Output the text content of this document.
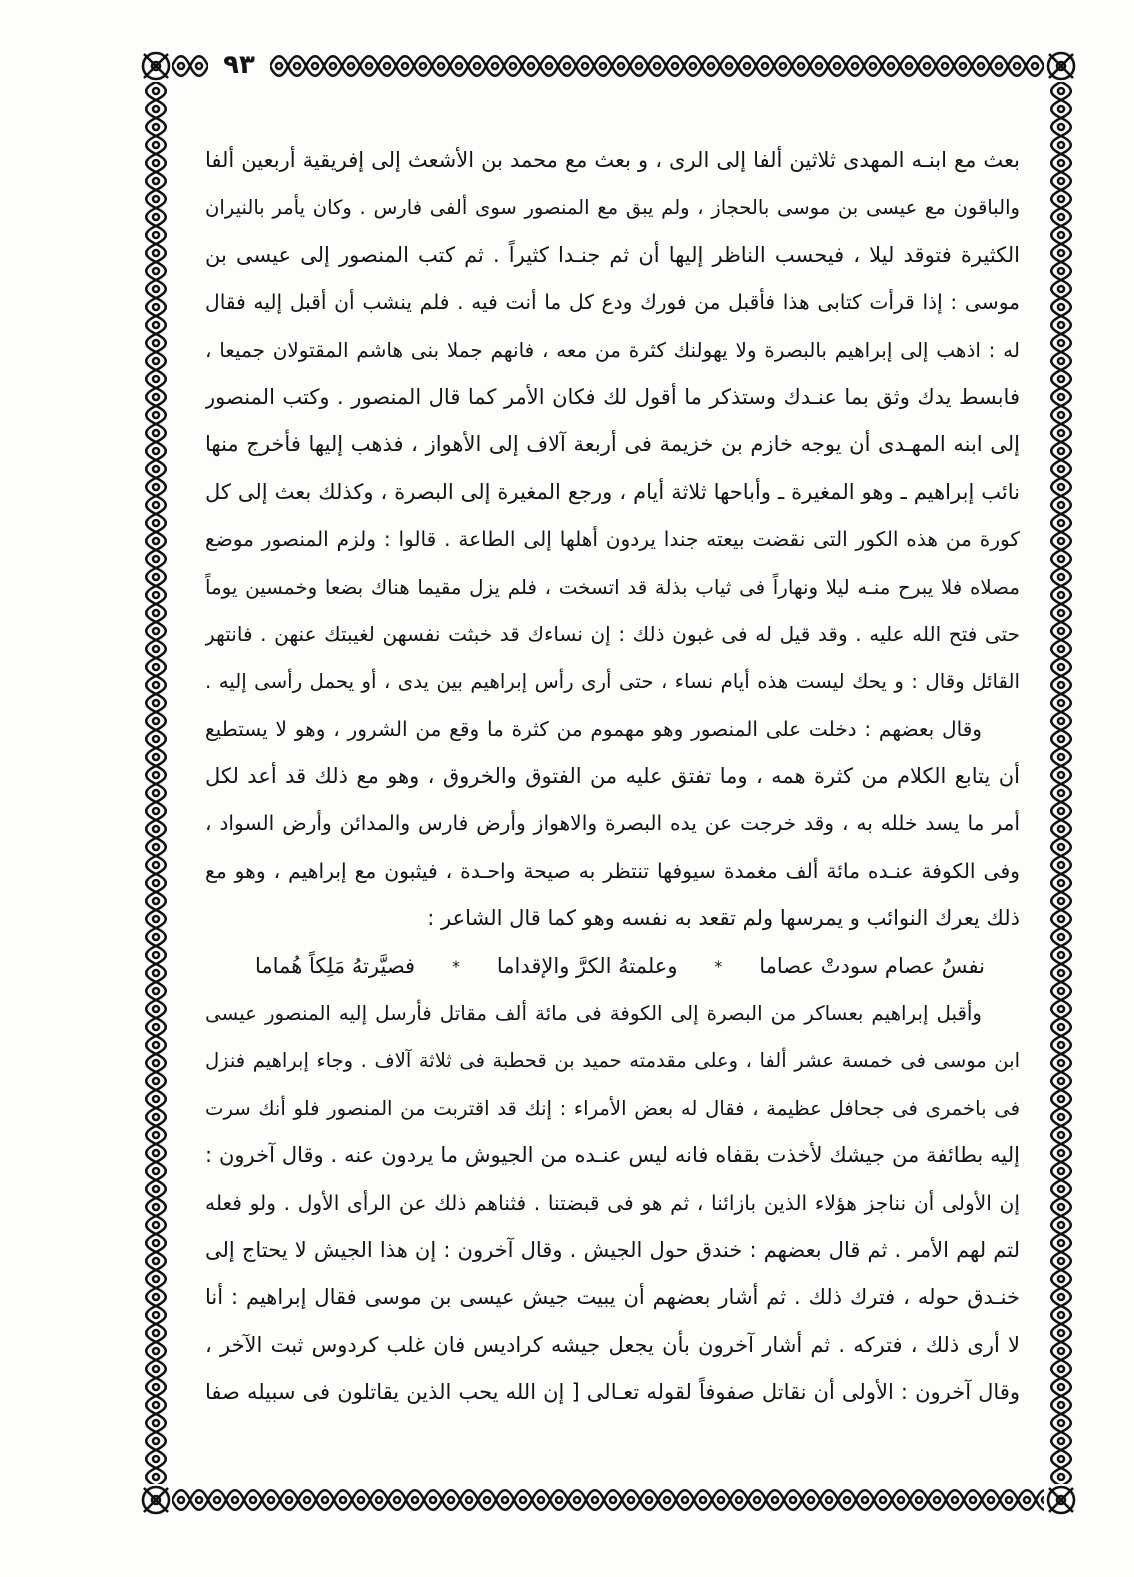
٩٣
بعث مع ابنـه المهدى ثلاثين ألفا إلى الرى ، و بعث مع محمد بن الأشعث إلى إفريقية أربعين ألفا
والباقون مع عيسى بن موسى بالحجاز ، ولم يبق مع المنصور سوى ألفى فارس . وكان يأمر بالنيران
الكثيرة فتوقد ليلا ، فيحسب الناظر إليها أن ثم جنـدا كثيراً . ثم كتب المنصور إلى عيسى بن
موسى : إذا قرأت كتابى هذا فأقبل من فورك ودع كل ما أنت فيه . فلم ينشب أن أقبل إليه فقال
له : اذهب إلى إبراهيم بالبصرة ولا يهولنك كثرة من معه ، فانهم جملا بنى هاشم المقتولان جميعا ،
فابسط يدك وثق بما عنـدك وستذكر ما أقول لك فكان الأمر كما قال المنصور . وكتب المنصور
إلى ابنه المهـدى أن يوجه خازم بن خزيمة فى أربعة آلاف إلى الأهواز ، فذهب إليها فأخرج منها
نائب إبراهيم ـ وهو المغيرة ـ وأباحها ثلاثة أيام ، ورجع المغيرة إلى البصرة ، وكذلك بعث إلى كل
كورة من هذه الكور التى نقضت بيعته جندا يردون أهلها إلى الطاعة . قالوا : ولزم المنصور موضع
مصلاه فلا يبرح منـه ليلا ونهاراً فى ثياب بذلة قد اتسخت ، فلم يزل مقيما هناك بضعا وخمسين يوماً
حتى فتح الله عليه . وقد قيل له فى غبون ذلك : إن نساءك قد خبثت نفسهن لغيبتك عنهن . فانتهر
القائل وقال : و يحك ليست هذه أيام نساء ، حتى أرى رأس إبراهيم بين يدى ، أو يحمل رأسى إليه .
وقال بعضهم : دخلت على المنصور وهو مهموم من كثرة ما وقع من الشرور ، وهو لا يستطيع
أن يتابع الكلام من كثرة همه ، وما تفتق عليه من الفتوق والخروق ، وهو مع ذلك قد أعد لكل
أمر ما يسد خلله به ، وقد خرجت عن يده البصرة والاهواز وأرض فارس والمدائن وأرض السواد ،
وفى الكوفة عنـده مائة ألف مغمدة سيوفها تنتظر به صيحة واحـدة ، فيثبون مع إبراهيم ، وهو مع
ذلك يعرك النوائب و يمرسها ولم تقعد به نفسه وهو كما قال الشاعر :
نفسُ عصام سودتْ عصاما
*
وعلمتهُ الكرَّ والإقداما
*
فصيَّرتهُ مَلِكاً هُماما
وأقبل إبراهيم بعساكر من البصرة إلى الكوفة فى مائة ألف مقاتل فأرسل إليه المنصور عيسى
ابن موسى فى خمسة عشر ألفا ، وعلى مقدمته حميد بن قحطبة فى ثلاثة آلاف . وجاء إبراهيم فنزل
فى باخمرى فى جحافل عظيمة ، فقال له بعض الأمراء : إنك قد اقتربت من المنصور فلو أنك سرت
إليه بطائفة من جيشك لأخذت بقفاه فانه ليس عنـده من الجيوش ما يردون عنه . وقال آخرون :
إن الأولى أن نناجز هؤلاء الذين بازائنا ، ثم هو فى قبضتنا . فثناهم ذلك عن الرأى الأول . ولو فعله
لتم لهم الأمر . ثم قال بعضهم : خندق حول الجيش . وقال آخرون : إن هذا الجيش لا يحتاج إلى
خنـدق حوله ، فترك ذلك . ثم أشار بعضهم أن يبيت جيش عيسى بن موسى فقال إبراهيم : أنا
لا أرى ذلك ، فتركه . ثم أشار آخرون بأن يجعل جيشه كراديس فان غلب كردوس ثبت الآخر ،
وقال آخرون : الأولى أن نقاتل صفوفاً لقوله تعـالى [ إن الله يحب الذين يقاتلون فى سبيله صفا
